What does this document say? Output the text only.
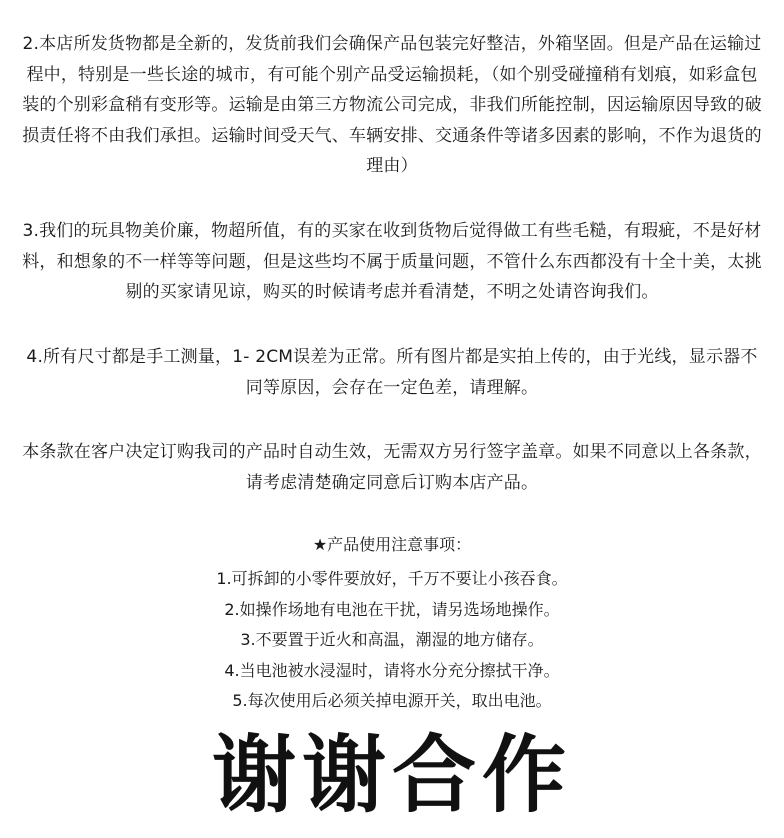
2.本店所发货物都是全新的，发货前我们会确保产品包装完好整洁，外箱坚固。但是产品在运输过程中，特别是一些长途的城市，有可能个别产品受运输损耗，（如个别受碰撞稍有划痕，如彩盒包装的个别彩盒稍有变形等。运输是由第三方物流公司完成，非我们所能控制，因运输原因导致的破损责任将不由我们承担。运输时间受天气、车辆安排、交通条件等诸多因素的影响，不作为退货的理由）
3.我们的玩具物美价廉，物超所值，有的买家在收到货物后觉得做工有些毛糙，有瑕疵，不是好材料，和想象的不一样等等问题，但是这些均不属于质量问题，不管什么东西都没有十全十美，太挑剔的买家请见谅，购买的时候请考虑并看清楚，不明之处请咨询我们。
4.所有尺寸都是手工测量，1- 2CM误差为正常。所有图片都是实拍上传的，由于光线，显示器不同等原因，会存在一定色差，请理解。
本条款在客户决定订购我司的产品时自动生效，无需双方另行签字盖章。如果不同意以上各条款，请考虑清楚确定同意后订购本店产品。
★产品使用注意事项：
1.可拆卸的小零件要放好，千万不要让小孩吞食。
2.如操作场地有电池在干扰，请另选场地操作。
3.不要置于近火和高温，潮湿的地方储存。
4.当电池被水浸湿时，请将水分充分擦拭干净。
5.每次使用后必须关掉电源开关，取出电池。
谢谢合作
